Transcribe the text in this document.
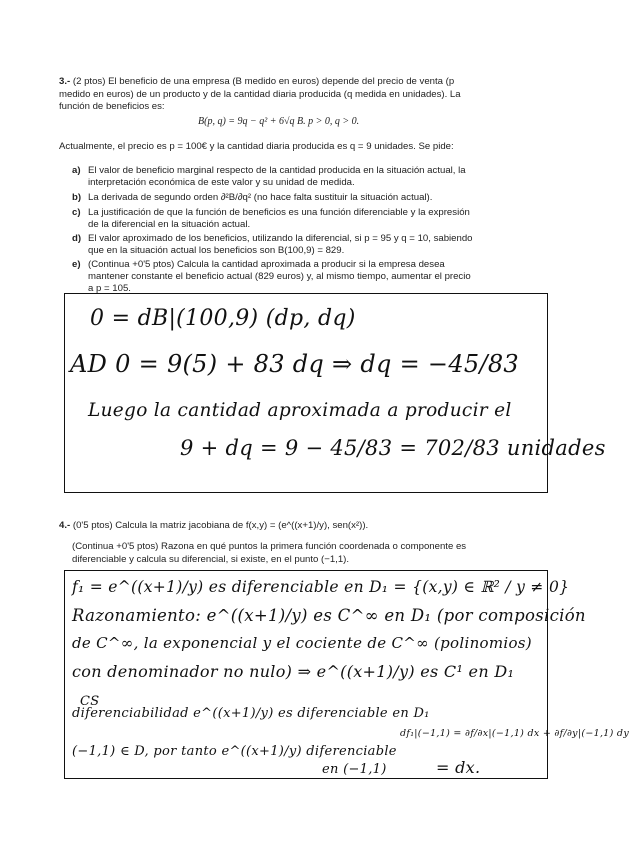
3.- (2 ptos) El beneficio de una empresa (B medido en euros) depende del precio de venta (p
medido en euros) de un producto y de la cantidad diaria producida (q medida en unidades). La
función de beneficios es:
B(p, q) = 9q − q² + 6√q B. p > 0, q > 0.
Actualmente, el precio es p = 100€ y la cantidad diaria producida es q = 9 unidades. Se pide:
a) El valor de beneficio marginal respecto de la cantidad producida en la situación actual, la
interpretación económica de este valor y su unidad de medida.
b) La derivada de segundo orden ∂²B/∂q² (no hace falta sustituir la situación actual).
c) La justificación de que la función de beneficios es una función diferenciable y la expresión
de la diferencial en la situación actual.
d) El valor aproximado de los beneficios, utilizando la diferencial, si p = 95 y q = 10, sabiendo
que en la situación actual los beneficios son B(100,9) = 829.
e) (Continua +0'5 ptos) Calcula la cantidad aproximada a producir si la empresa desea
mantener constante el beneficio actual (829 euros) y, al mismo tiempo, aumentar el precio
a p = 105.
0 = dB|(100,9) (dp, dq)
AD 0 = 9(5) + 83 dq ⇒ dq = −45/83
Luego la cantidad aproximada a producir el
9 + dq = 9 − 45/83 = 702/83 unidades
4.- (0'5 ptos) Calcula la matriz jacobiana de f(x,y) = (e^((x+1)/y), sen(x²)).
(Continua +0'5 ptos) Razona en qué puntos la primera función coordenada o componente es
diferenciable y calcula su diferencial, si existe, en el punto (−1,1).
f₁ = e^((x+1)/y) es diferenciable en D₁ = {(x,y) ∈ ℝ² / y ≠ 0}
Razonamiento: e^((x+1)/y) es C^∞ en D₁ (por composición
de C^∞, la exponencial y el cociente de C^∞ (polinomios)
con denominador no nulo) ⇒ e^((x+1)/y) es C¹ en D₁
CS
diferenciabilidad e^((x+1)/y) es diferenciable en D₁
df₁|(−1,1) = ∂f/∂x|(−1,1) dx + ∂f/∂y|(−1,1) dy
(−1,1) ∈ D, por tanto e^((x+1)/y) diferenciable
en (−1,1)	= dx.
